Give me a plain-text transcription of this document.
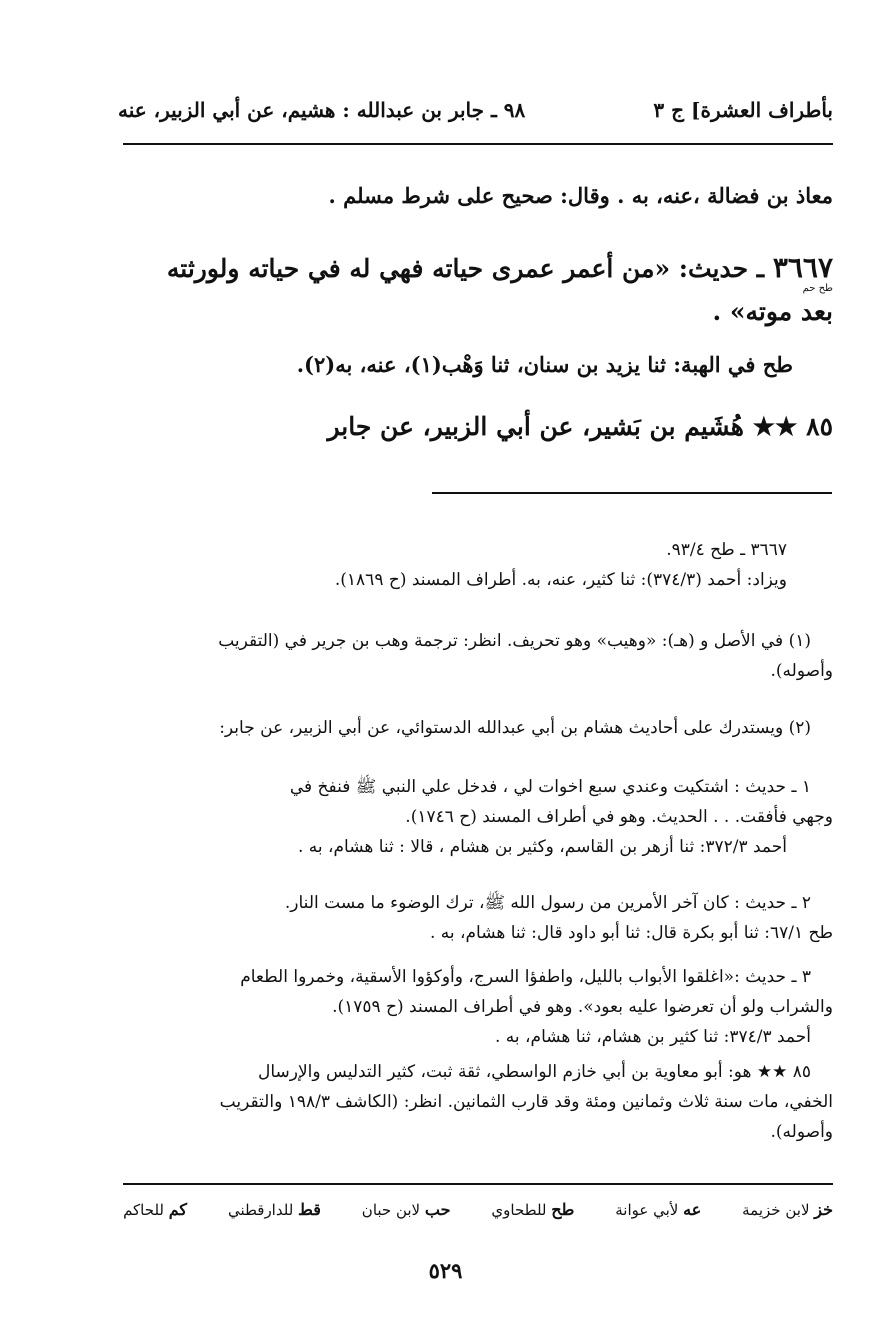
بأطراف العشرة] ج ٣
٩٨ ـ جابر بن عبدالله : هشيم، عن أبي الزبير، عنه
معاذ بن فضالة ،عنه، به . وقال: صحيح على شرط مسلم .
٣٦٦٧ ـ حديث: «من أعمر عمرى حياته فهي له في حياته ولورثته
طح حم
بعد موته» .
طح في الهبة: ثنا يزيد بن سنان، ثنا وَهْب(١)، عنه، به(٢).
٨٥ ★★ هُشَيم بن بَشير، عن أبي الزبير، عن جابر
٣٦٦٧ ـ طح ٩٣/٤.
ويزاد: أحمد (٣٧٤/٣): ثنا كثير، عنه، به. أطراف المسند (ح ١٨٦٩).
(١) في الأصل و (هـ): «وهيب» وهو تحريف. انظر: ترجمة وهب بن جرير في (التقريب
وأصوله).
(٢) ويستدرك على أحاديث هشام بن أبي عبدالله الدستوائي، عن أبي الزبير، عن جابر:
١ ـ حديث : اشتكيت وعندي سبع اخوات لي ، فدخل علي النبي ﷺ فنفخ في
وجهي فأفقت. . . الحديث. وهو في أطراف المسند (ح ١٧٤٦).
أحمد ٣٧٢/٣: ثنا أزهر بن القاسم، وكثير بن هشام ، قالا : ثنا هشام، به .
٢ ـ حديث : كان آخر الأمرين من رسول الله ﷺ، ترك الوضوء ما مست النار.
طح ٦٧/١: ثنا أبو بكرة قال: ثنا أبو داود قال: ثنا هشام، به .
٣ ـ حديث :«اغلقوا الأبواب بالليل، واطفؤا السرج، وأوكؤوا الأسقية، وخمروا الطعام
والشراب ولو أن تعرضوا عليه بعود». وهو في أطراف المسند (ح ١٧٥٩).
أحمد ٣٧٤/٣: ثنا كثير بن هشام، ثنا هشام، به .
٨٥ ★★ هو: أبو معاوية بن أبي خازم الواسطي، ثقة ثبت، كثير التدليس والإرسال
الخفي، مات سنة ثلاث وثمانين ومئة وقد قارب الثمانين. انظر: (الكاشف ١٩٨/٣ والتقريب
وأصوله).
خز لابن خزيمة
عه لأبي عوانة
طح للطحاوي
حب لابن حبان
قط للدارقطني
كم للحاكم
٥٢٩
